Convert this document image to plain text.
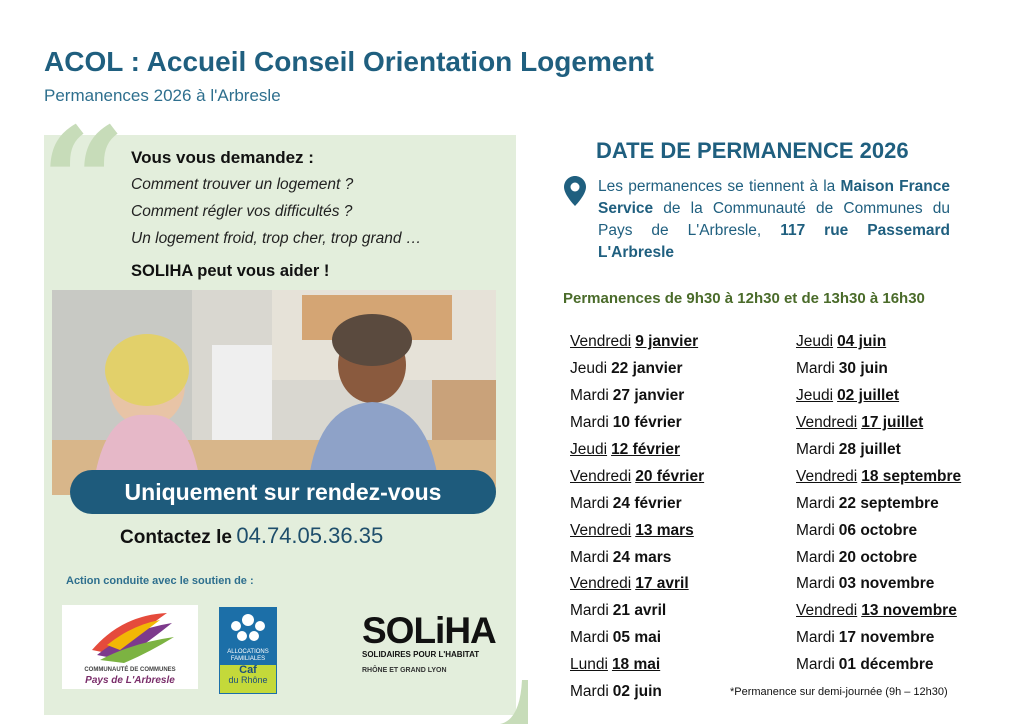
ACOL : Accueil Conseil Orientation Logement
Permanences 2026 à l'Arbresle
“ Vous vous demandez :
Comment trouver un logement ?
Comment régler vos difficultés ?
Un logement froid, trop cher, trop grand …
SOLIHA peut vous aider !
Uniquement sur rendez-vous
Contactez le 04.74.05.36.35
Action conduite avec le soutien de :
COMMUNAUTÉ DE COMMUNES
Pays de L'Arbresle
ALLOCATIONS FAMILIALES
Caf
du Rhône
SOLiHA
SOLIDAIRES POUR L'HABITAT
RHÔNE ET GRAND LYON
DATE DE PERMANENCE 2026

Les permanences se tiennent à la Maison France Service de la Communauté de Communes du Pays de L'Arbresle, 117 rue Passemard L'Arbresle

Permanences de 9h30 à 12h30 et de 13h30 à 16h30
Vendredi 9 janvier
Jeudi 22 janvier
Mardi 27 janvier
Mardi 10 février
Jeudi 12 février
Vendredi 20 février
Mardi 24 février
Vendredi 13 mars
Mardi 24 mars
Vendredi 17 avril
Mardi 21 avril
Mardi 05 mai
Lundi 18 mai
Mardi 02 juin
Jeudi 04 juin
Mardi 30 juin
Jeudi 02 juillet
Vendredi 17 juillet
Mardi 28 juillet
Vendredi 18 septembre
Mardi 22 septembre
Mardi 06 octobre
Mardi 20 octobre
Mardi 03 novembre
Vendredi 13 novembre
Mardi 17 novembre
Mardi 01 décembre
*Permanence sur demi-journée (9h – 12h30)
